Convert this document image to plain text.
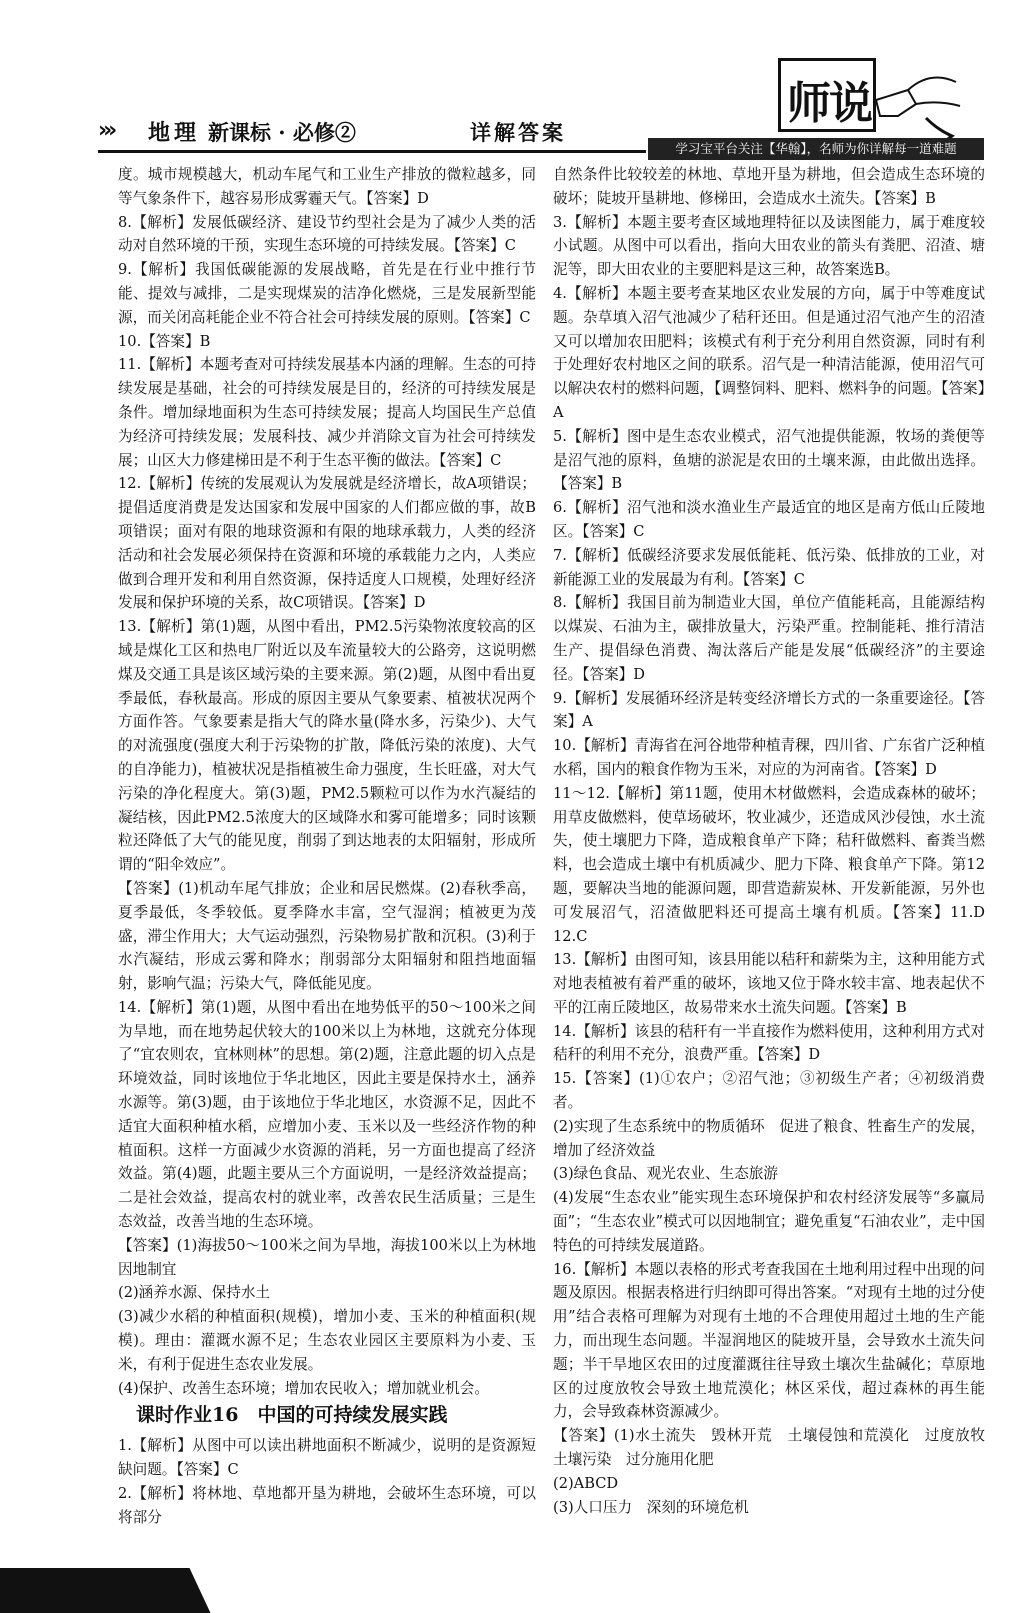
››› 地理 新课标 · 必修②	详解答案
师说
学习宝平台关注【华翰】，名师为你详解每一道难题

度。城市规模越大，机动车尾气和工业生产排放的微粒越多，同等气象条件下，越容易形成雾霾天气。【答案】D

8.【解析】发展低碳经济、建设节约型社会是为了减少人类的活动对自然环境的干预，实现生态环境的可持续发展。【答案】C

9.【解析】我国低碳能源的发展战略，首先是在行业中推行节能、提效与减排，二是实现煤炭的洁净化燃烧，三是发展新型能源，而关闭高耗能企业不符合社会可持续发展的原则。【答案】C

10.【答案】B

11.【解析】本题考查对可持续发展基本内涵的理解。生态的可持续发展是基础，社会的可持续发展是目的，经济的可持续发展是条件。增加绿地面积为生态可持续发展；提高人均国民生产总值为经济可持续发展；发展科技、减少并消除文盲为社会可持续发展；山区大力修建梯田是不利于生态平衡的做法。【答案】C

12.【解析】传统的发展观认为发展就是经济增长，故A项错误；提倡适度消费是发达国家和发展中国家的人们都应做的事，故B项错误；面对有限的地球资源和有限的地球承载力，人类的经济活动和社会发展必须保持在资源和环境的承载能力之内，人类应做到合理开发和利用自然资源，保持适度人口规模，处理好经济发展和保护环境的关系，故C项错误。【答案】D

13.【解析】第(1)题，从图中看出，PM2.5污染物浓度较高的区域是煤化工区和热电厂附近以及车流量较大的公路旁，这说明燃煤及交通工具是该区域污染的主要来源。第(2)题，从图中看出夏季最低，春秋最高。形成的原因主要从气象要素、植被状况两个方面作答。气象要素是指大气的降水量(降水多，污染少)、大气的对流强度(强度大利于污染物的扩散，降低污染的浓度)、大气的自净能力)，植被状况是指植被生命力强度，生长旺盛，对大气污染的净化程度大。第(3)题，PM2.5颗粒可以作为水汽凝结的凝结核，因此PM2.5浓度大的区域降水和雾可能增多；同时该颗粒还降低了大气的能见度，削弱了到达地表的太阳辐射，形成所谓的“阳伞效应”。

【答案】(1)机动车尾气排放；企业和居民燃煤。(2)春秋季高，夏季最低，冬季较低。夏季降水丰富，空气湿润；植被更为茂盛，滞尘作用大；大气运动强烈，污染物易扩散和沉积。(3)利于水汽凝结，形成云雾和降水；削弱部分太阳辐射和阻挡地面辐射，影响气温；污染大气，降低能见度。

14.【解析】第(1)题，从图中看出在地势低平的50～100米之间为旱地，而在地势起伏较大的100米以上为林地，这就充分体现了“宜农则农，宜林则林”的思想。第(2)题，注意此题的切入点是环境效益，同时该地位于华北地区，因此主要是保持水土，涵养水源等。第(3)题，由于该地位于华北地区，水资源不足，因此不适宜大面积种植水稻，应增加小麦、玉米以及一些经济作物的种植面积。这样一方面减少水资源的消耗，另一方面也提高了经济效益。第(4)题，此题主要从三个方面说明，一是经济效益提高；二是社会效益，提高农村的就业率，改善农民生活质量；三是生态效益，改善当地的生态环境。

【答案】(1)海拔50～100米之间为旱地，海拔100米以上为林地　因地制宜

(2)涵养水源、保持水土

(3)减少水稻的种植面积(规模)，增加小麦、玉米的种植面积(规模)。理由：灌溉水源不足；生态农业园区主要原料为小麦、玉米，有利于促进生态农业发展。

(4)保护、改善生态环境；增加农民收入；增加就业机会。

课时作业16　中国的可持续发展实践

1.【解析】从图中可以读出耕地面积不断减少，说明的是资源短缺问题。【答案】C

2.【解析】将林地、草地都开垦为耕地，会破坏生态环境，可以将部分

自然条件比较较差的林地、草地开垦为耕地，但会造成生态环境的破坏；陡坡开垦耕地、修梯田，会造成水土流失。【答案】B

3.【解析】本题主要考查区域地理特征以及读图能力，属于难度较小试题。从图中可以看出，指向大田农业的箭头有粪肥、沼渣、塘泥等，即大田农业的主要肥料是这三种，故答案选B。

4.【解析】本题主要考查某地区农业发展的方向，属于中等难度试题。杂草填入沼气池减少了秸秆还田。但是通过沼气池产生的沼渣又可以增加农田肥料；该模式有利于充分利用自然资源，同时有利于处理好农村地区之间的联系。沼气是一种清洁能源，使用沼气可以解决农村的燃料问题，【调整饲料、肥料、燃料争的问题。【答案】A

5.【解析】图中是生态农业模式，沼气池提供能源，牧场的粪便等是沼气池的原料，鱼塘的淤泥是农田的土壤来源，由此做出选择。【答案】B

6.【解析】沼气池和淡水渔业生产最适宜的地区是南方低山丘陵地区。【答案】C

7.【解析】低碳经济要求发展低能耗、低污染、低排放的工业，对新能源工业的发展最为有利。【答案】C

8.【解析】我国目前为制造业大国，单位产值能耗高，且能源结构以煤炭、石油为主，碳排放量大，污染严重。控制能耗、推行清洁生产、提倡绿色消费、淘汰落后产能是发展“低碳经济”的主要途径。【答案】D

9.【解析】发展循环经济是转变经济增长方式的一条重要途径。【答案】A

10.【解析】青海省在河谷地带种植青稞，四川省、广东省广泛种植水稻，国内的粮食作物为玉米，对应的为河南省。【答案】D

11～12.【解析】第11题，使用木材做燃料，会造成森林的破坏；用草皮做燃料，使草场破坏，牧业减少，还造成风沙侵蚀，水土流失，使土壤肥力下降，造成粮食单产下降；秸秆做燃料、畜粪当燃料，也会造成土壤中有机质减少、肥力下降、粮食单产下降。第12题，要解决当地的能源问题，即营造薪炭林、开发新能源，另外也可发展沼气，沼渣做肥料还可提高土壤有机质。【答案】11.D　12.C

13.【解析】由图可知，该县用能以秸秆和薪柴为主，这种用能方式对地表植被有着严重的破坏，该地又位于降水较丰富、地表起伏不平的江南丘陵地区，故易带来水土流失问题。【答案】B

14.【解析】该县的秸秆有一半直接作为燃料使用，这种利用方式对秸秆的利用不充分，浪费严重。【答案】D

15.【答案】(1)①农户；②沼气池；③初级生产者；④初级消费者。

(2)实现了生态系统中的物质循环　促进了粮食、牲畜生产的发展，增加了经济效益

(3)绿色食品、观光农业、生态旅游

(4)发展“生态农业”能实现生态环境保护和农村经济发展等“多赢局面”；“生态农业”模式可以因地制宜；避免重复“石油农业”，走中国特色的可持续发展道路。

16.【解析】本题以表格的形式考查我国在土地利用过程中出现的问题及原因。根据表格进行归纳即可得出答案。“对现有土地的过分使用”结合表格可理解为对现有土地的不合理使用超过土地的生产能力，而出现生态问题。半湿润地区的陡坡开垦，会导致水土流失问题；半干旱地区农田的过度灌溉往往导致土壤次生盐碱化；草原地区的过度放牧会导致土地荒漠化；林区采伐，超过森林的再生能力，会导致森林资源减少。

【答案】(1)水土流失　毁林开荒　土壤侵蚀和荒漠化　过度放牧　土壤污染　过分施用化肥

(2)ABCD

(3)人口压力　深刻的环境危机
